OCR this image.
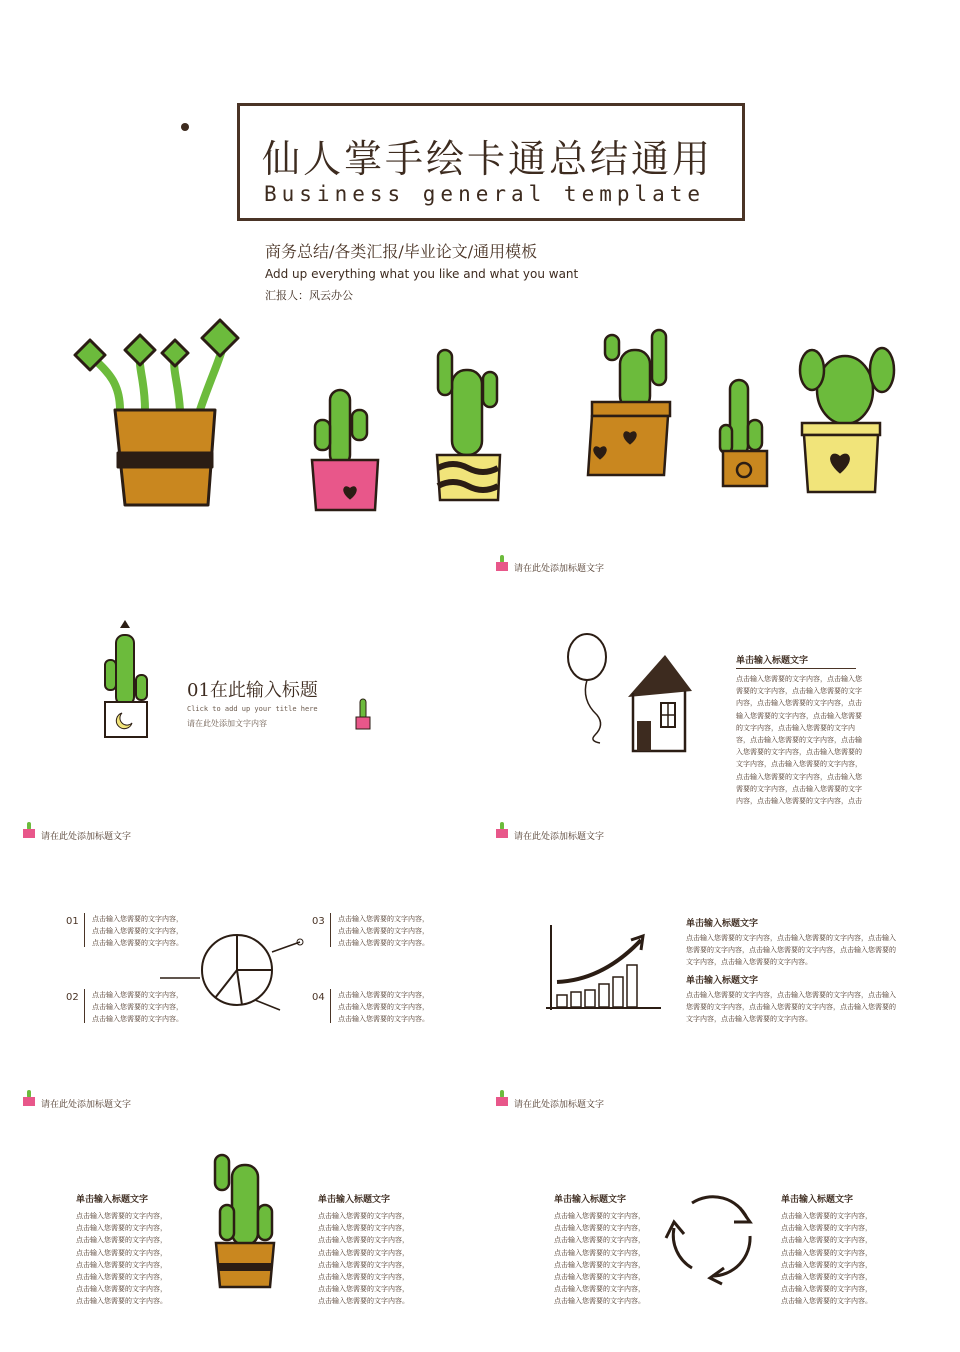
仙人掌手绘卡通总结通用
Business general template
商务总结/各类汇报/毕业论文/通用模板
Add up everything what you like and what you want
汇报人：风云办公
请在此处添加标题文字
01在此输入标题
Click to add up your title here
请在此处添加文字内容
请在此处添加标题文字
单击输入标题文字
点击输入您需要的文字内容，点击输入您
需要的文字内容，点击输入您需要的文字
内容，点击输入您需要的文字内容，点击
输入您需要的文字内容，点击输入您需要
的文字内容，点击输入您需要的文字内
容，点击输入您需要的文字内容，点击输
入您需要的文字内容，点击输入您需要的
文字内容，点击输入您需要的文字内容，
点击输入您需要的文字内容，点击输入您
需要的文字内容，点击输入您需要的文字
内容，点击输入您需要的文字内容，点击
请在此处添加标题文字
01 点击输入您需要的文字内容，
点击输入您需要的文字内容，
点击输入您需要的文字内容。
02 点击输入您需要的文字内容，
点击输入您需要的文字内容，
点击输入您需要的文字内容。
03 点击输入您需要的文字内容，
点击输入您需要的文字内容，
点击输入您需要的文字内容。
04 点击输入您需要的文字内容，
点击输入您需要的文字内容，
点击输入您需要的文字内容。
请在此处添加标题文字
单击输入标题文字
点击输入您需要的文字内容，点击输入您需要的文字内容，点击输入
您需要的文字内容，点击输入您需要的文字内容，点击输入您需要的
文字内容，点击输入您需要的文字内容。
单击输入标题文字
点击输入您需要的文字内容，点击输入您需要的文字内容，点击输入
您需要的文字内容，点击输入您需要的文字内容，点击输入您需要的
文字内容，点击输入您需要的文字内容。
请在此处添加标题文字
单击输入标题文字
点击输入您需要的文字内容，
点击输入您需要的文字内容，
点击输入您需要的文字内容，
点击输入您需要的文字内容，
点击输入您需要的文字内容，
点击输入您需要的文字内容，
点击输入您需要的文字内容，
点击输入您需要的文字内容。
单击输入标题文字
点击输入您需要的文字内容，
点击输入您需要的文字内容，
点击输入您需要的文字内容，
点击输入您需要的文字内容，
点击输入您需要的文字内容，
点击输入您需要的文字内容，
点击输入您需要的文字内容，
点击输入您需要的文字内容。
单击输入标题文字
点击输入您需要的文字内容，
点击输入您需要的文字内容，
点击输入您需要的文字内容，
点击输入您需要的文字内容，
点击输入您需要的文字内容，
点击输入您需要的文字内容，
点击输入您需要的文字内容，
点击输入您需要的文字内容。
单击输入标题文字
点击输入您需要的文字内容，
点击输入您需要的文字内容，
点击输入您需要的文字内容，
点击输入您需要的文字内容，
点击输入您需要的文字内容，
点击输入您需要的文字内容，
点击输入您需要的文字内容，
点击输入您需要的文字内容。
